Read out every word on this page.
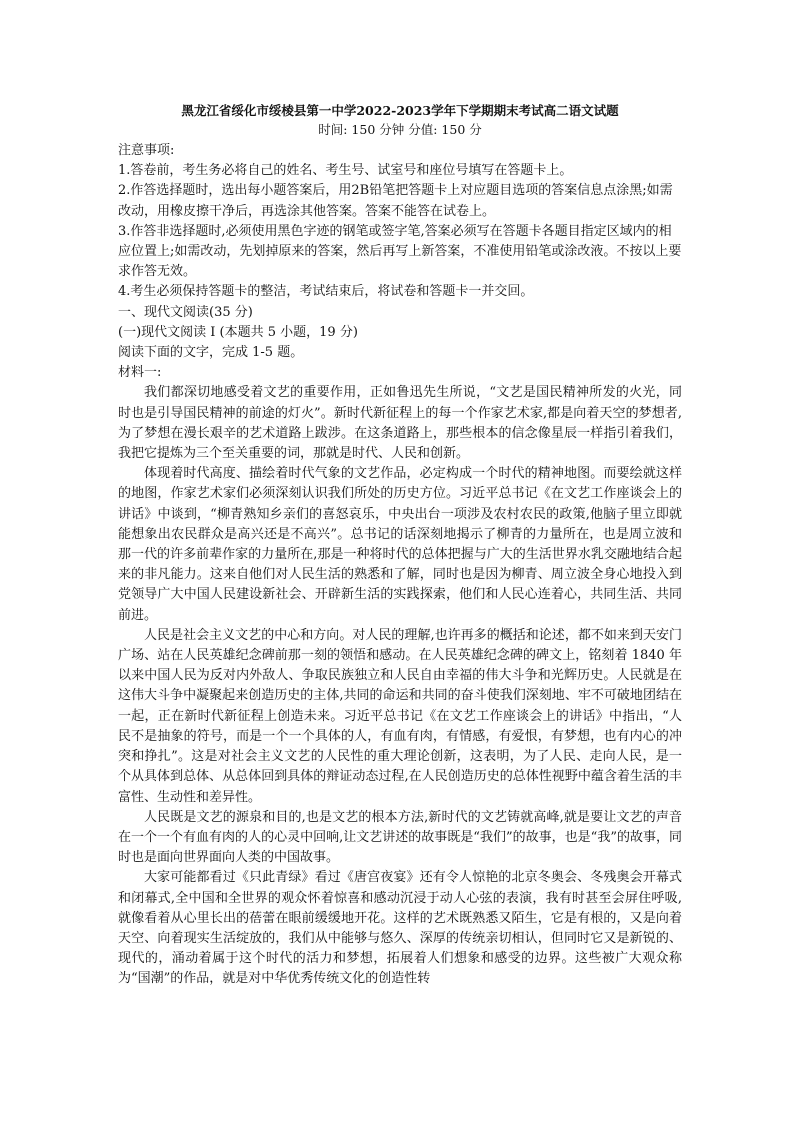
黑龙江省绥化市绥棱县第一中学2022-2023学年下学期期末考试高二语文试题

时间: 150 分钟 分值: 150 分

注意事项:

1.答卷前，考生务必将自己的姓名、考生号、试室号和座位号填写在答题卡上。

2.作答选择题时，选出每小题答案后，用2B铅笔把答题卡上对应题目选项的答案信息点涂黑;如需改动，用橡皮擦干净后，再选涂其他答案。答案不能答在试卷上。

3.作答非选择题时,必须使用黑色字迹的钢笔或签字笔,答案必须写在答题卡各题目指定区域内的相应位置上;如需改动，先划掉原来的答案，然后再写上新答案，不准使用铅笔或涂改液。不按以上要求作答无效。

4.考生必须保持答题卡的整洁，考试结束后，将试卷和答题卡一并交回。

一、现代文阅读(35 分)

(一)现代文阅读 I (本题共 5 小题，19 分)

阅读下面的文字，完成 1-5 题。

材料一:

我们都深切地感受着文艺的重要作用，正如鲁迅先生所说，“文艺是国民精神所发的火光，同时也是引导国民精神的前途的灯火”。新时代新征程上的每一个作家艺术家,都是向着天空的梦想者,为了梦想在漫长艰辛的艺术道路上跋涉。在这条道路上，那些根本的信念像星辰一样指引着我们，我把它提炼为三个至关重要的词，那就是时代、人民和创新。

体现着时代高度、描绘着时代气象的文艺作品，必定构成一个时代的精神地图。而要绘就这样的地图，作家艺术家们必须深刻认识我们所处的历史方位。习近平总书记《在文艺工作座谈会上的讲话》中谈到，“柳青熟知乡亲们的喜怒哀乐，中央出台一项涉及农村农民的政策,他脑子里立即就能想象出农民群众是高兴还是不高兴”。总书记的话深刻地揭示了柳青的力量所在，也是周立波和那一代的许多前辈作家的力量所在,那是一种将时代的总体把握与广大的生活世界水乳交融地结合起来的非凡能力。这来自他们对人民生活的熟悉和了解，同时也是因为柳青、周立波全身心地投入到党领导广大中国人民建设新社会、开辟新生活的实践探索，他们和人民心连着心，共同生活、共同前进。

人民是社会主义文艺的中心和方向。对人民的理解,也许再多的概括和论述，都不如来到天安门广场、站在人民英雄纪念碑前那一刻的领悟和感动。在人民英雄纪念碑的碑文上，铭刻着 1840 年以来中国人民为反对内外敌人、争取民族独立和人民自由幸福的伟大斗争和光辉历史。人民就是在这伟大斗争中凝聚起来创造历史的主体,共同的命运和共同的奋斗使我们深刻地、牢不可破地团结在一起，正在新时代新征程上创造未来。习近平总书记《在文艺工作座谈会上的讲话》中指出，“人民不是抽象的符号，而是一个一个具体的人，有血有肉，有情感，有爱恨，有梦想，也有内心的冲突和挣扎”。这是对社会主义文艺的人民性的重大理论创新，这表明，为了人民、走向人民，是一个从具体到总体、从总体回到具体的辩证动态过程,在人民创造历史的总体性视野中蕴含着生活的丰富性、生动性和差异性。

人民既是文艺的源泉和目的,也是文艺的根本方法,新时代的文艺铸就高峰,就是要让文艺的声音在一个一个有血有肉的人的心灵中回响,让文艺讲述的故事既是“我们”的故事，也是“我”的故事，同时也是面向世界面向人类的中国故事。

大家可能都看过《只此青绿》看过《唐宫夜宴》还有令人惊艳的北京冬奥会、冬残奥会开幕式和闭幕式,全中国和全世界的观众怀着惊喜和感动沉浸于动人心弦的表演，我有时甚至会屏住呼吸,就像看着从心里长出的蓓蕾在眼前缓缓地开花。这样的艺术既熟悉又陌生，它是有根的，又是向着天空、向着现实生活绽放的，我们从中能够与悠久、深厚的传统亲切相认，但同时它又是新锐的、现代的，涌动着属于这个时代的活力和梦想，拓展着人们想象和感受的边界。这些被广大观众称为“国潮”的作品，就是对中华优秀传统文化的创造性转
